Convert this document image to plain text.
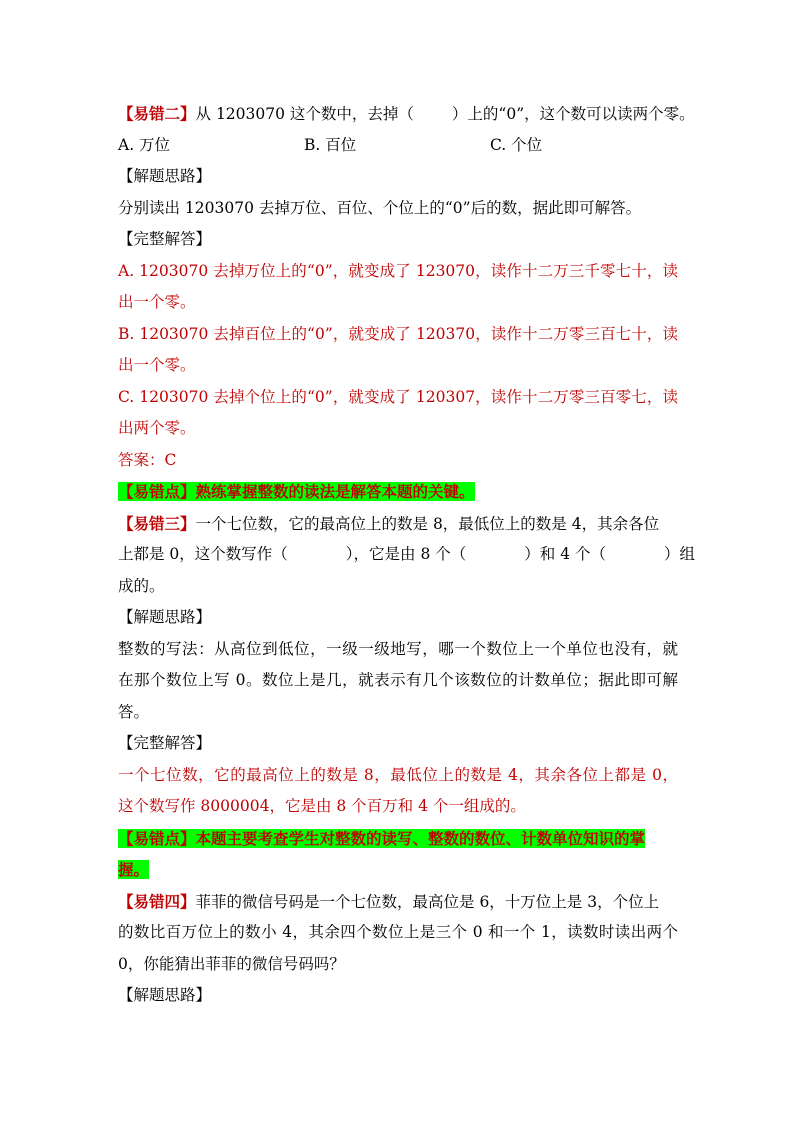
【易错二】从 1203070 这个数中，去掉（ ）上的“0”，这个数可以读两个零。
A. 万位	B. 百位	C. 个位
【解题思路】
分别读出 1203070 去掉万位、百位、个位上的“0”后的数，据此即可解答。
【完整解答】
A. 1203070 去掉万位上的“0”，就变成了 123070，读作十二万三千零七十，读
出一个零。
B. 1203070 去掉百位上的“0”，就变成了 120370，读作十二万零三百七十，读
出一个零。
C. 1203070 去掉个位上的“0”，就变成了 120307，读作十二万零三百零七，读
出两个零。
答案：C
【易错点】熟练掌握整数的读法是解答本题的关键。
【易错三】一个七位数，它的最高位上的数是 8，最低位上的数是 4，其余各位
上都是 0，这个数写作（	），它是由 8 个（	）和 4 个（	）组
成的。
【解题思路】
整数的写法：从高位到低位，一级一级地写，哪一个数位上一个单位也没有，就
在那个数位上写 0。数位上是几，就表示有几个该数位的计数单位；据此即可解
答。
【完整解答】
一个七位数，它的最高位上的数是 8，最低位上的数是 4，其余各位上都是 0，
这个数写作 8000004，它是由 8 个百万和 4 个一组成的。
【易错点】本题主要考查学生对整数的读写、整数的数位、计数单位知识的掌
握。
【易错四】菲菲的微信号码是一个七位数，最高位是 6，十万位上是 3，个位上
的数比百万位上的数小 4，其余四个数位上是三个 0 和一个 1，读数时读出两个
0，你能猜出菲菲的微信号码吗？
【解题思路】
